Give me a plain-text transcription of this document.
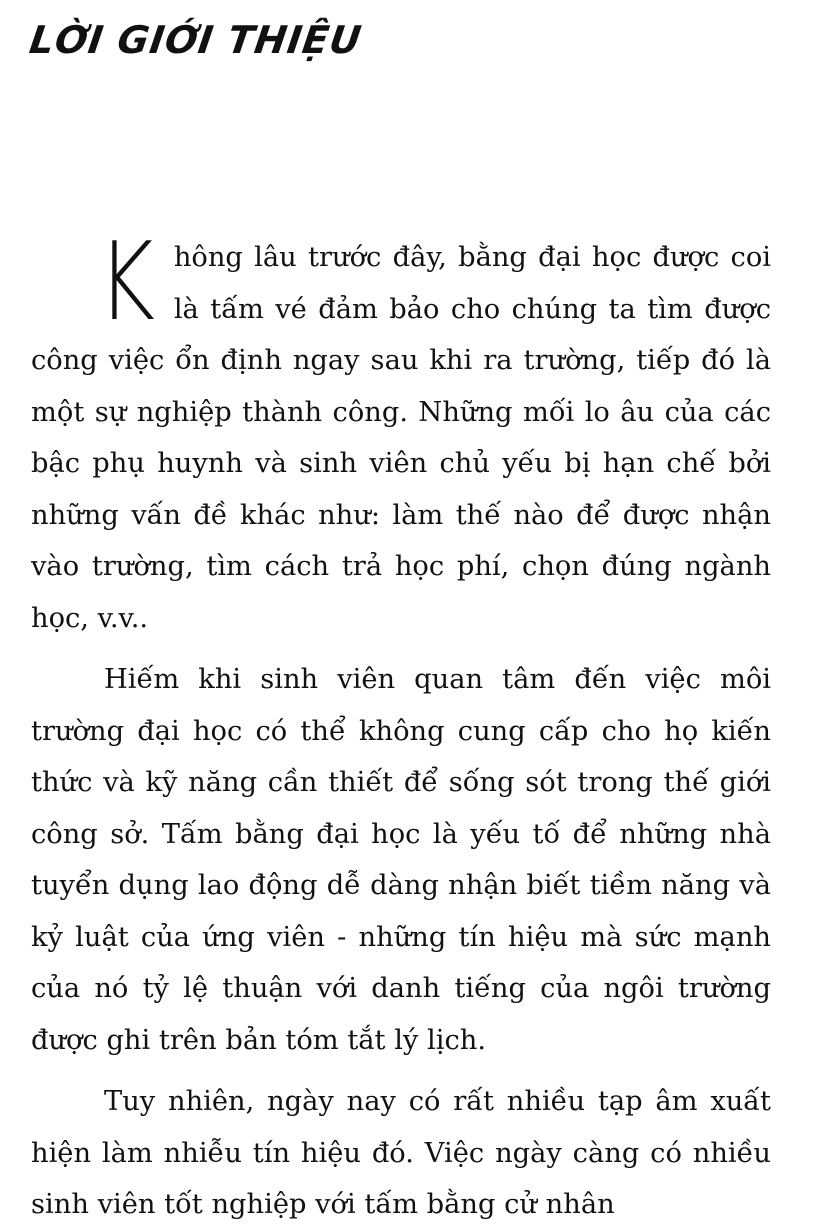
LỜI GIỚI THIỆU

Không lâu trước đây, bằng đại học được coi là tấm vé đảm bảo cho chúng ta tìm được công việc ổn định ngay sau khi ra trường, tiếp đó là một sự nghiệp thành công. Những mối lo âu của các bậc phụ huynh và sinh viên chủ yếu bị hạn chế bởi những vấn đề khác như: làm thế nào để được nhận vào trường, tìm cách trả học phí, chọn đúng ngành học, v.v..

Hiếm khi sinh viên quan tâm đến việc môi trường đại học có thể không cung cấp cho họ kiến thức và kỹ năng cần thiết để sống sót trong thế giới công sở. Tấm bằng đại học là yếu tố để những nhà tuyển dụng lao động dễ dàng nhận biết tiềm năng và kỷ luật của ứng viên - những tín hiệu mà sức mạnh của nó tỷ lệ thuận với danh tiếng của ngôi trường được ghi trên bản tóm tắt lý lịch.

Tuy nhiên, ngày nay có rất nhiều tạp âm xuất hiện làm nhiễu tín hiệu đó. Việc ngày càng có nhiều sinh viên tốt nghiệp với tấm bằng cử nhân
